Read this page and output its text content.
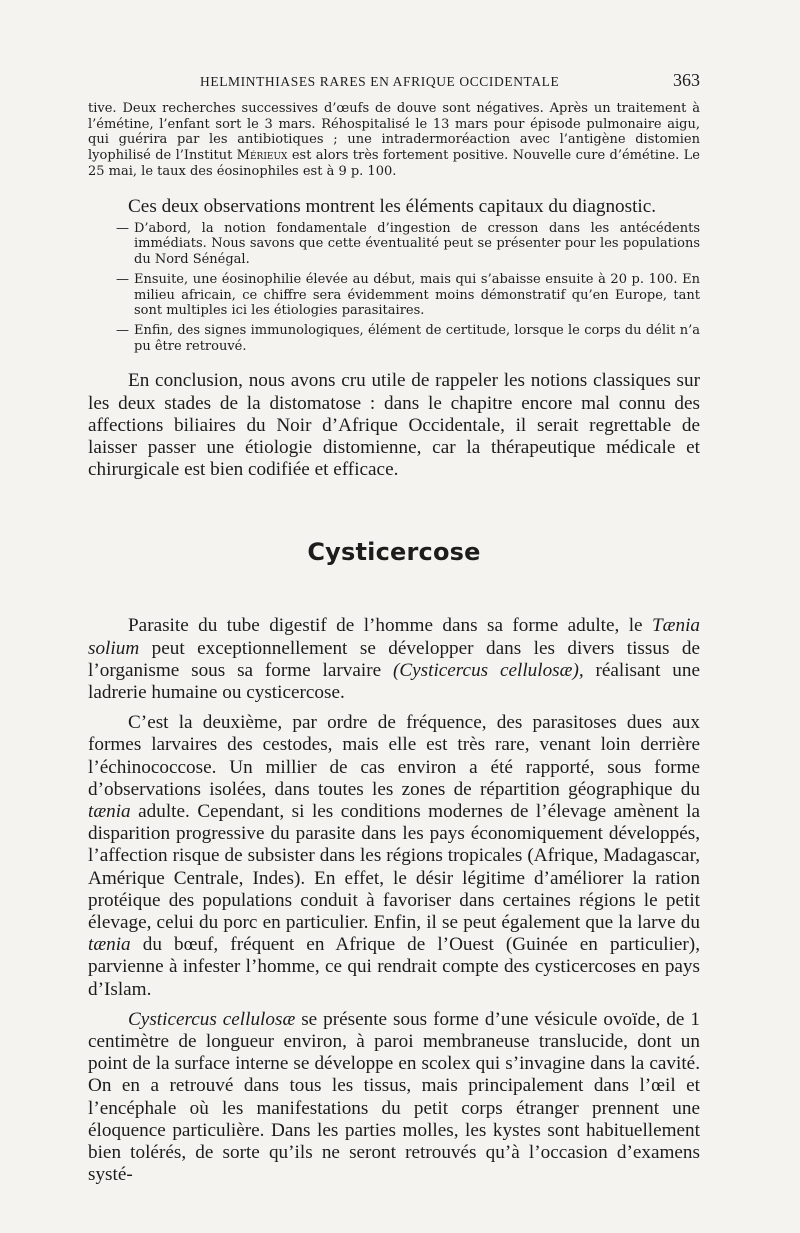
HELMINTHIASES RARES EN AFRIQUE OCCIDENTALE	363

tive. Deux recherches successives d’œufs de douve sont négatives. Après un traitement à l’émétine, l’enfant sort le 3 mars. Réhospitalisé le 13 mars pour épisode pulmonaire aigu, qui guérira par les antibiotiques ; une intradermoréaction avec l’antigène distomien lyophilisé de l’Institut Mérieux est alors très fortement positive. Nouvelle cure d’émétine. Le 25 mai, le taux des éosinophiles est à 9 p. 100.

Ces deux observations montrent les éléments capitaux du diagnostic.

— D’abord, la notion fondamentale d’ingestion de cresson dans les antécédents immédiats. Nous savons que cette éventualité peut se présenter pour les populations du Nord Sénégal.
— Ensuite, une éosinophilie élevée au début, mais qui s’abaisse ensuite à 20 p. 100. En milieu africain, ce chiffre sera évidemment moins démonstratif qu’en Europe, tant sont multiples ici les étiologies parasitaires.
— Enfin, des signes immunologiques, élément de certitude, lorsque le corps du délit n’a pu être retrouvé.

En conclusion, nous avons cru utile de rappeler les notions classiques sur les deux stades de la distomatose : dans le chapitre encore mal connu des affections biliaires du Noir d’Afrique Occidentale, il serait regrettable de laisser passer une étiologie distomienne, car la thérapeutique médicale et chirurgicale est bien codifiée et efficace.

Cysticercose

Parasite du tube digestif de l’homme dans sa forme adulte, le Tænia solium peut exceptionnellement se développer dans les divers tissus de l’organisme sous sa forme larvaire (Cysticercus cellulosæ), réalisant une ladrerie humaine ou cysticercose.

C’est la deuxième, par ordre de fréquence, des parasitoses dues aux formes larvaires des cestodes, mais elle est très rare, venant loin derrière l’échinococcose. Un millier de cas environ a été rapporté, sous forme d’observations isolées, dans toutes les zones de répartition géographique du tænia adulte. Cependant, si les conditions modernes de l’élevage amènent la disparition progressive du parasite dans les pays économiquement développés, l’affection risque de subsister dans les régions tropicales (Afrique, Madagascar, Amérique Centrale, Indes). En effet, le désir légitime d’améliorer la ration protéique des populations conduit à favoriser dans certaines régions le petit élevage, celui du porc en particulier. Enfin, il se peut également que la larve du tænia du bœuf, fréquent en Afrique de l’Ouest (Guinée en particulier), parvienne à infester l’homme, ce qui rendrait compte des cysticercoses en pays d’Islam.

Cysticercus cellulosæ se présente sous forme d’une vésicule ovoïde, de 1 centimètre de longueur environ, à paroi membraneuse translucide, dont un point de la surface interne se développe en scolex qui s’invagine dans la cavité. On en a retrouvé dans tous les tissus, mais principalement dans l’œil et l’encéphale où les manifestations du petit corps étranger prennent une éloquence particulière. Dans les parties molles, les kystes sont habituellement bien tolérés, de sorte qu’ils ne seront retrouvés qu’à l’occasion d’examens systé-
